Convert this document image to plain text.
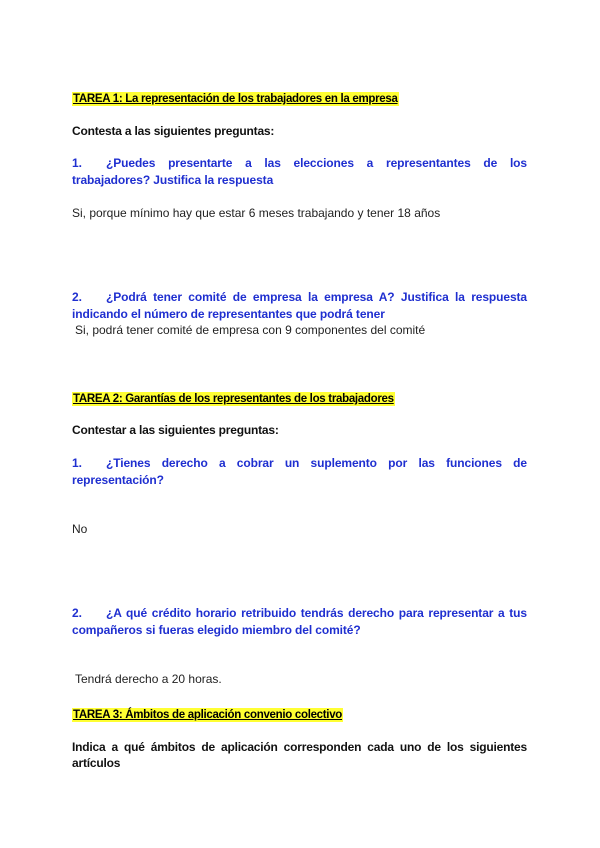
TAREA 1: La representación de los trabajadores en la empresa
Contesta a las siguientes preguntas:
1. ¿Puedes presentarte a las elecciones a representantes de los trabajadores? Justifica la respuesta
Si, porque mínimo hay que estar 6 meses trabajando y tener 18 años
2. ¿Podrá tener comité de empresa la empresa A? Justifica la respuesta indicando el número de representantes que podrá tener
Si, podrá tener comité de empresa con 9 componentes del comité
TAREA 2: Garantías de los representantes de los trabajadores
Contestar a las siguientes preguntas:
1. ¿Tienes derecho a cobrar un suplemento por las funciones de representación?
No
2. ¿A qué crédito horario retribuido tendrás derecho para representar a tus compañeros si fueras elegido miembro del comité?
Tendrá derecho a 20 horas.
TAREA 3: Ámbitos de aplicación convenio colectivo
Indica a qué ámbitos de aplicación corresponden cada uno de los siguientes artículos
